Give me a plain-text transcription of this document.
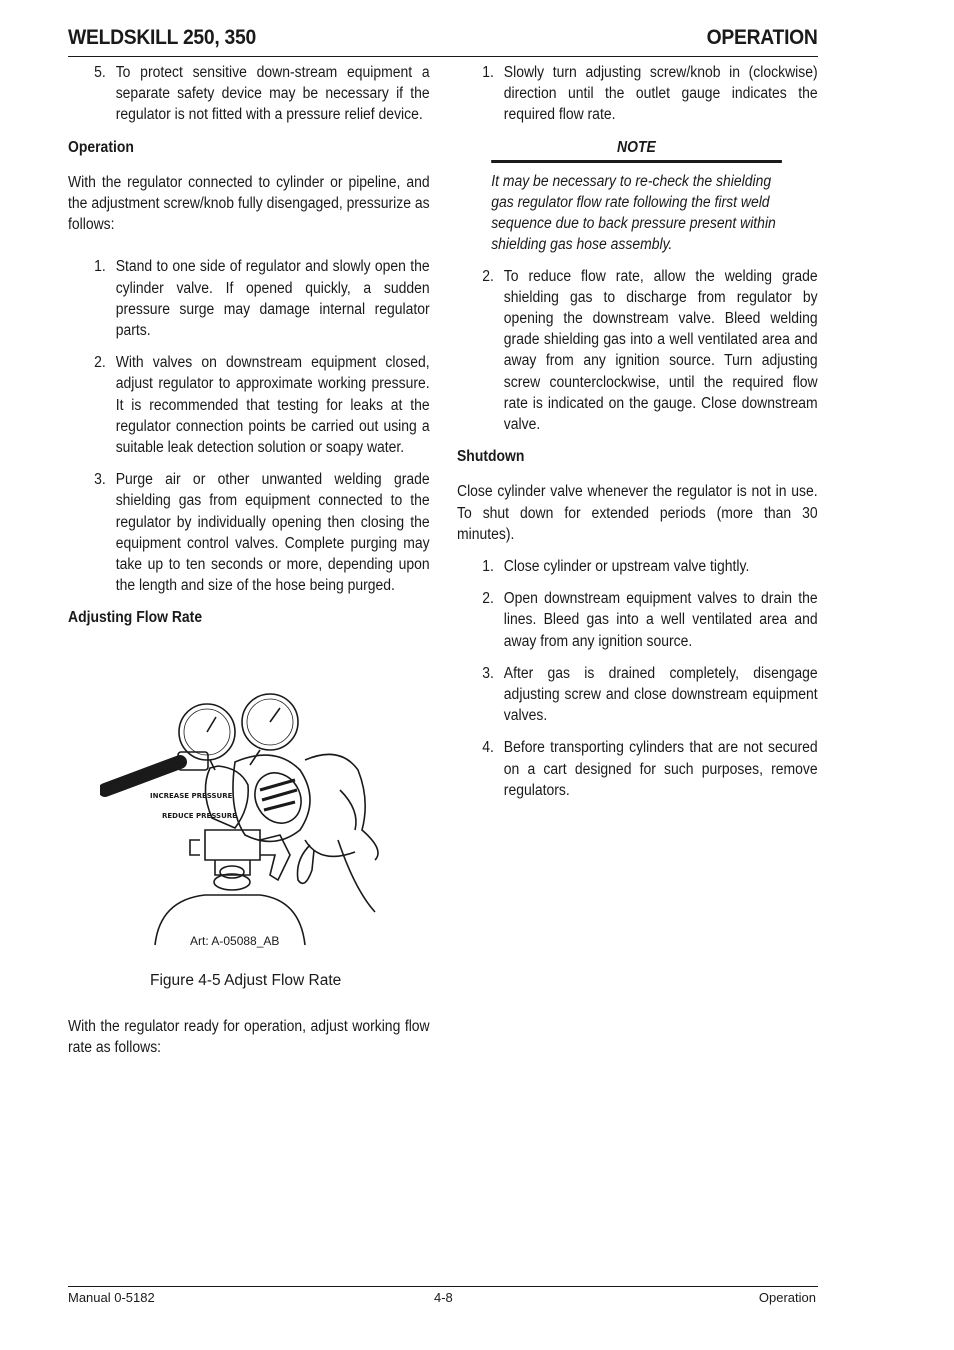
WELDSKILL 250, 350	OPERATION
5. To protect sensitive down-stream equipment a separate safety device may be necessary if the regulator is not fitted with a pressure relief device.

Operation

With the regulator connected to cylinder or pipeline, and the adjustment screw/knob fully disengaged, pressurize as follows:

1. Stand to one side of regulator and slowly open the cylinder valve. If opened quickly, a sudden pressure surge may damage internal regulator parts.

2. With valves on downstream equipment closed, adjust regulator to approximate working pressure. It is recommended that testing for leaks at the regulator connection points be carried out using a suitable leak detection solution or soapy water.

3. Purge air or other unwanted welding grade shielding gas from equipment connected to the regulator by individually opening then closing the equipment control valves. Complete purging may take up to ten seconds or more, depending upon the length and size of the hose being purged.

Adjusting Flow Rate
INCREASE PRESSURE
REDUCE PRESSURE
Art: A-05088_AB
Figure 4-5 Adjust Flow Rate

With the regulator ready for operation, adjust working flow rate as follows:

1. Slowly turn adjusting screw/knob in (clockwise) direction until the outlet gauge indicates the required flow rate.

NOTE
It may be necessary to re-check the shielding gas regulator flow rate following the first weld sequence due to back pressure present within shielding gas hose assembly.
2. To reduce flow rate, allow the welding grade shielding gas to discharge from regulator by opening the downstream valve. Bleed welding grade shielding gas into a well ventilated area and away from any ignition source. Turn adjusting screw counterclockwise, until the required flow rate is indicated on the gauge. Close downstream valve.

Shutdown

Close cylinder valve whenever the regulator is not in use. To shut down for extended periods (more than 30 minutes).

1. Close cylinder or upstream valve tightly.

2. Open downstream equipment valves to drain the lines. Bleed gas into a well ventilated area and away from any ignition source.

3. After gas is drained completely, disengage adjusting screw and close downstream equipment valves.

4. Before transporting cylinders that are not secured on a cart designed for such purposes, remove regulators.

Manual 0-5182	4-8	Operation
